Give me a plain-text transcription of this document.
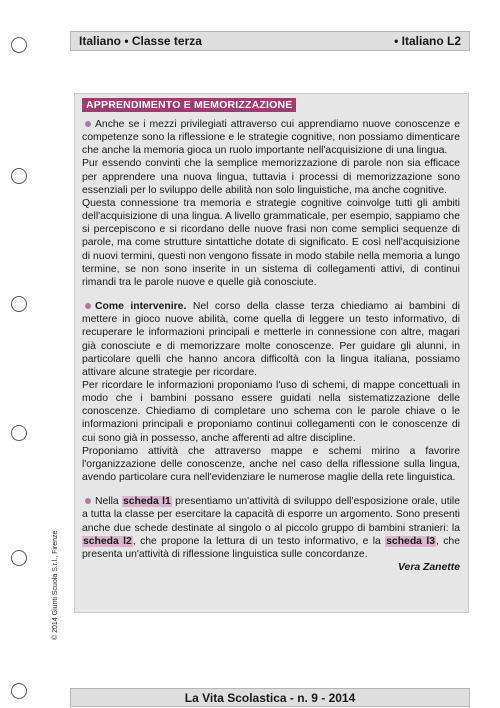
Italiano • Classe terza	• Italiano L2
© 2014 Giunti Scuola S.r.l., Firenze
APPRENDIMENTO E MEMORIZZAZIONE

Anche se i mezzi privilegiati attraverso cui apprendiamo nuove conoscenze e competenze sono la riflessione e le strategie cognitive, non possiamo dimenticare che anche la memoria gioca un ruolo importante nell'acquisizione di una lingua.

Pur essendo convinti che la semplice memorizzazione di parole non sia efficace per apprendere una nuova lingua, tuttavia i processi di memorizzazione sono essenziali per lo sviluppo delle abilità non solo linguistiche, ma anche cognitive.

Questa connessione tra memoria e strategie cognitive coinvolge tutti gli ambiti dell'acquisizione di una lingua. A livello grammaticale, per esempio, sappiamo che si percepiscono e si ricordano delle nuove frasi non come semplici sequenze di parole, ma come strutture sintattiche dotate di significato. E così nell'acquisizione di nuovi termini, questi non vengono fissate in modo stabile nella memoria a lungo termine, se non sono inserite in un sistema di collegamenti attivi, di continui rimandi tra le parole nuove e quelle già conosciute.

Come intervenire. Nel corso della classe terza chiediamo ai bambini di mettere in gioco nuove abilità, come quella di leggere un testo informativo, di recuperare le informazioni principali e metterle in connessione con altre, magari già conosciute e di memorizzare molte conoscenze. Per guidare gli alunni, in particolare quelli che hanno ancora difficoltà con la lingua italiana, possiamo attivare alcune strategie per ricordare.

Per ricordare le informazioni proponiamo l'uso di schemi, di mappe concettuali in modo che i bambini possano essere guidati nella sistematizzazione delle conoscenze. Chiediamo di completare uno schema con le parole chiave o le informazioni principali e proponiamo continui collegamenti con le conoscenze di cui sono già in possesso, anche afferenti ad altre discipline.

Proponiamo attività che attraverso mappe e schemi mirino a favorire l'organizzazione delle conoscenze, anche nel caso della riflessione sulla lingua, avendo particolare cura nell'evidenziare le numerose maglie della rete linguistica.

Nella scheda l1 presentiamo un'attività di sviluppo dell'esposizione orale, utile a tutta la classe per esercitare la capacità di esporre un argomento. Sono presenti anche due schede destinate al singolo o al piccolo gruppo di bambini stranieri: la scheda l2, che propone la lettura di un testo informativo, e la scheda l3, che presenta un'attività di riflessione linguistica sulle concordanze.

Vera Zanette

La Vita Scolastica - n. 9 - 2014
